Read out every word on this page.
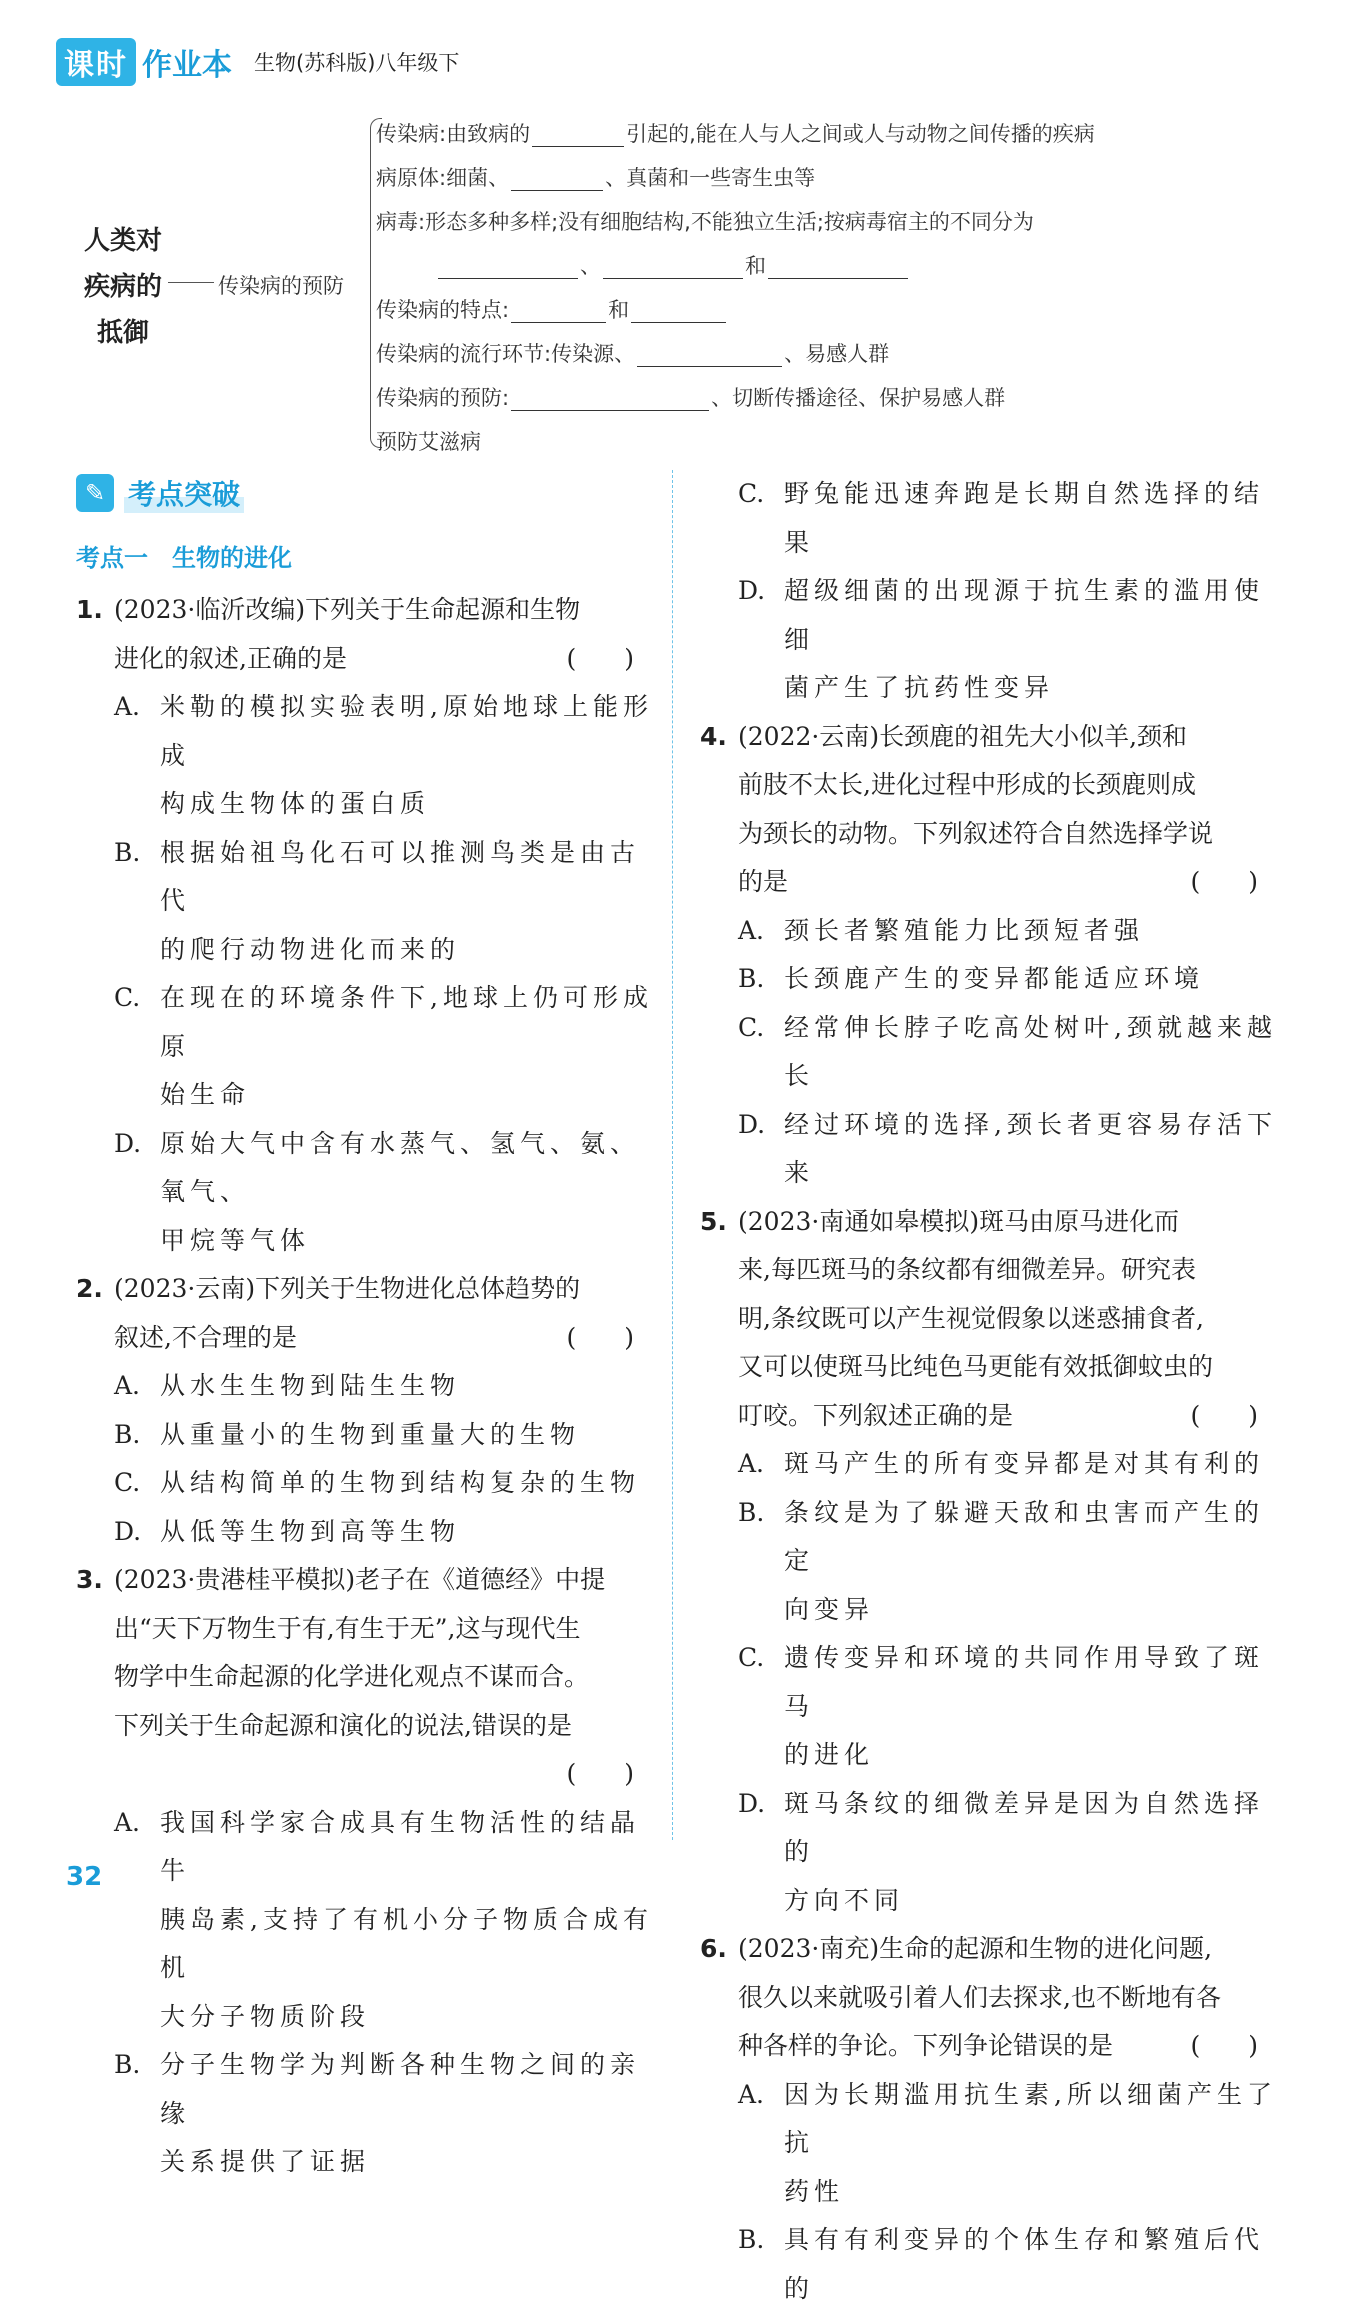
课时 作业本 生物(苏科版)八年级下
人类对
疾病的
抵御
传染病的预防
传染病:由致病的	引起的,能在人与人之间或人与动物之间传播的疾病
病原体:细菌、	、真菌和一些寄生虫等
病毒:形态多种多样;没有细胞结构,不能独立生活;按病毒宿主的不同分为
、	和
传染病的特点:	和
传染病的流行环节:传染源、	、易感人群
传染病的预防:	、切断传播途径、保护易感人群
预防艾滋病
✎ 考点突破
考点一　生物的进化
1. (2023·临沂改编)下列关于生命起源和生物
进化的叙述,正确的是	( )
A. 米勒的模拟实验表明,原始地球上能形成
构成生物体的蛋白质
B. 根据始祖鸟化石可以推测鸟类是由古代
的爬行动物进化而来的
C. 在现在的环境条件下,地球上仍可形成原
始生命
D. 原始大气中含有水蒸气、氢气、氨、氧气、
甲烷等气体
2. (2023·云南)下列关于生物进化总体趋势的
叙述,不合理的是	( )
A. 从水生生物到陆生生物
B. 从重量小的生物到重量大的生物
C. 从结构简单的生物到结构复杂的生物
D. 从低等生物到高等生物
3. (2023·贵港桂平模拟)老子在《道德经》中提
出“天下万物生于有,有生于无”,这与现代生
物学中生命起源的化学进化观点不谋而合。
下列关于生命起源和演化的说法,错误的是
( )
A. 我国科学家合成具有生物活性的结晶牛
胰岛素,支持了有机小分子物质合成有机
大分子物质阶段
B. 分子生物学为判断各种生物之间的亲缘
关系提供了证据
C. 野兔能迅速奔跑是长期自然选择的结果
D. 超级细菌的出现源于抗生素的滥用使细
菌产生了抗药性变异
4. (2022·云南)长颈鹿的祖先大小似羊,颈和
前肢不太长,进化过程中形成的长颈鹿则成
为颈长的动物。下列叙述符合自然选择学说
的是	( )
A. 颈长者繁殖能力比颈短者强
B. 长颈鹿产生的变异都能适应环境
C. 经常伸长脖子吃高处树叶,颈就越来越长
D. 经过环境的选择,颈长者更容易存活下来
5. (2023·南通如皋模拟)斑马由原马进化而
来,每匹斑马的条纹都有细微差异。研究表
明,条纹既可以产生视觉假象以迷惑捕食者,
又可以使斑马比纯色马更能有效抵御蚊虫的
叮咬。下列叙述正确的是	( )
A. 斑马产生的所有变异都是对其有利的
B. 条纹是为了躲避天敌和虫害而产生的定
向变异
C. 遗传变异和环境的共同作用导致了斑马
的进化
D. 斑马条纹的细微差异是因为自然选择的
方向不同
6. (2023·南充)生命的起源和生物的进化问题,
很久以来就吸引着人们去探求,也不断地有各
种各样的争论。下列争论错误的是	( )
A. 因为长期滥用抗生素,所以细菌产生了抗
药性
B. 具有有利变异的个体生存和繁殖后代的
32
